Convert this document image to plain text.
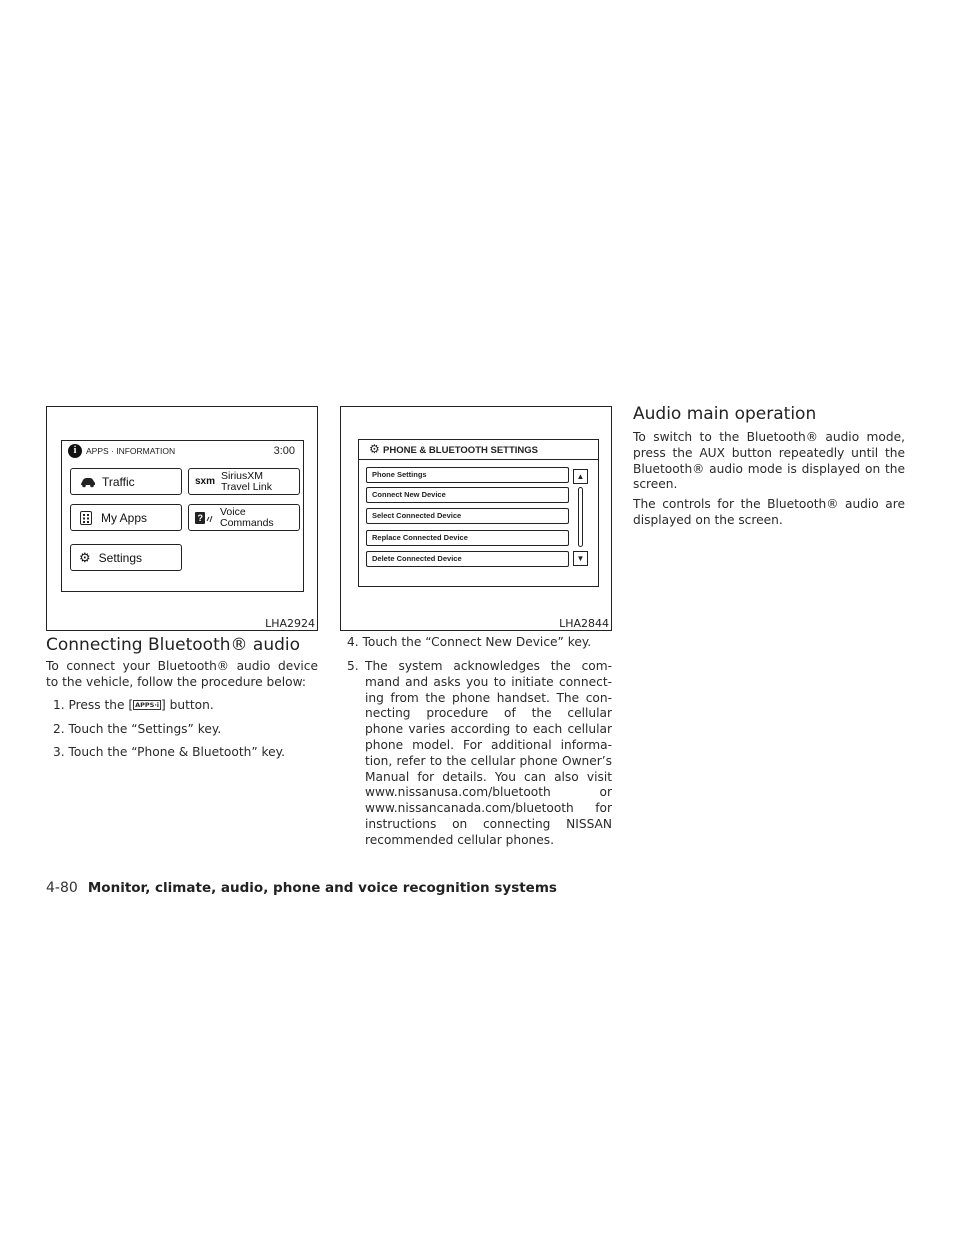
i	APPS · INFORMATION	3:00
Traffic	sxm SiriusXM
Travel Link
My Apps	? Voice
Commands
⚙ Settings
LHA2924
⚙ PHONE & BLUETOOTH SETTINGS
Phone Settings
Connect New Device
Select Connected Device
Replace Connected Device
Delete Connected Device
▲
▼
LHA2844
Connecting Bluetooth® audio
To connect your Bluetooth® audio device
to the vehicle, follow the procedure below:
1. Press the [ APPS·i ] button.
2. Touch the “Settings” key.
3. Touch the “Phone & Bluetooth” key.
4. Touch the “Connect New Device” key.
5. The system acknowledges the com-
mand and asks you to initiate connect-
ing from the phone handset. The con-
necting procedure of the cellular
phone varies according to each cellular
phone model. For additional informa-
tion, refer to the cellular phone Owner’s
Manual for details. You can also visit
www.nissanusa.com/bluetooth or
www.nissancanada.com/bluetooth for
instructions on connecting NISSAN
recommended cellular phones.
Audio main operation
To switch to the Bluetooth® audio mode,
press the AUX button repeatedly until the
Bluetooth® audio mode is displayed on the
screen.
The controls for the Bluetooth® audio are
displayed on the screen.
4-80 Monitor, climate, audio, phone and voice recognition systems
